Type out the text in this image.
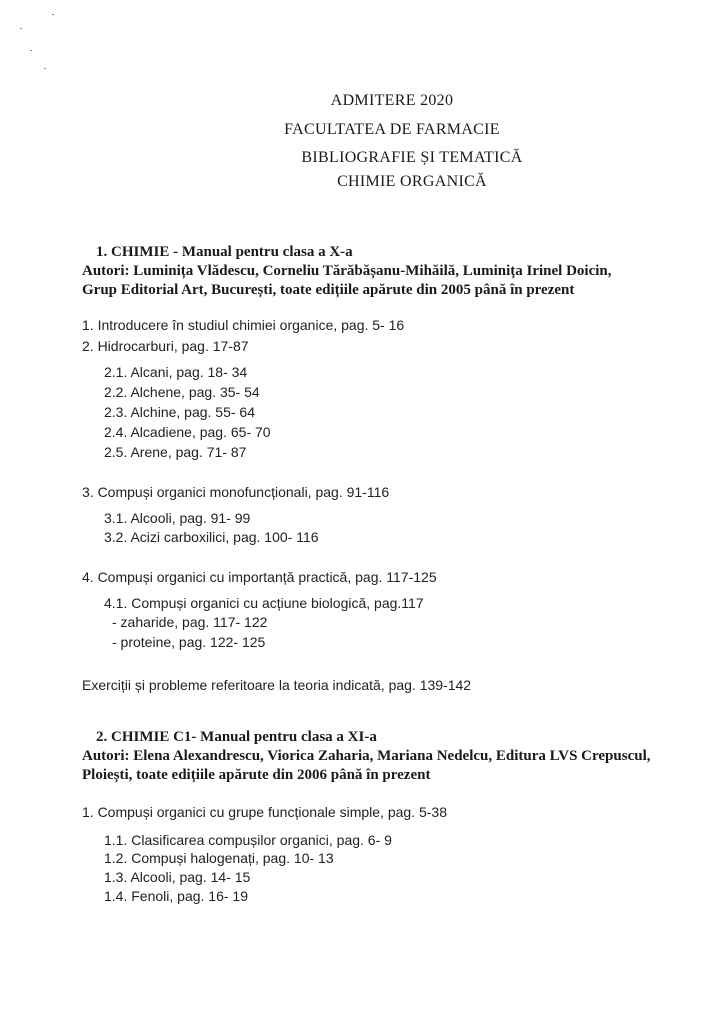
ADMITERE 2020
FACULTATEA DE FARMACIE
BIBLIOGRAFIE ȘI TEMATICĂ
CHIMIE ORGANICĂ
1. CHIMIE - Manual pentru clasa a X-a
Autori: Luminița Vlădescu, Corneliu Tărăbășanu-Mihăilă, Luminița Irinel Doicin,
Grup Editorial Art, București, toate edițiile apărute din 2005 până în prezent
1. Introducere în studiul chimiei organice, pag. 5- 16
2. Hidrocarburi, pag. 17-87
2.1. Alcani, pag. 18- 34
2.2. Alchene, pag. 35- 54
2.3. Alchine, pag. 55- 64
2.4. Alcadiene, pag. 65- 70
2.5. Arene, pag. 71- 87
3. Compuși organici monofuncționali, pag. 91-116
3.1. Alcooli, pag. 91- 99
3.2. Acizi carboxilici, pag. 100- 116
4. Compuși organici cu importanță practică, pag. 117-125
4.1. Compuși organici cu acțiune biologică, pag.117
- zaharide, pag. 117- 122
- proteine, pag. 122- 125
Exerciții și probleme referitoare la teoria indicată, pag. 139-142
2. CHIMIE C1- Manual pentru clasa a XI-a
Autori: Elena Alexandrescu, Viorica Zaharia, Mariana Nedelcu, Editura LVS Crepuscul,
Ploiești, toate edițiile apărute din 2006 până în prezent
1. Compuși organici cu grupe funcționale simple, pag. 5-38
1.1. Clasificarea compușilor organici, pag. 6- 9
1.2. Compuși halogenați, pag. 10- 13
1.3. Alcooli, pag. 14- 15
1.4. Fenoli, pag. 16- 19
